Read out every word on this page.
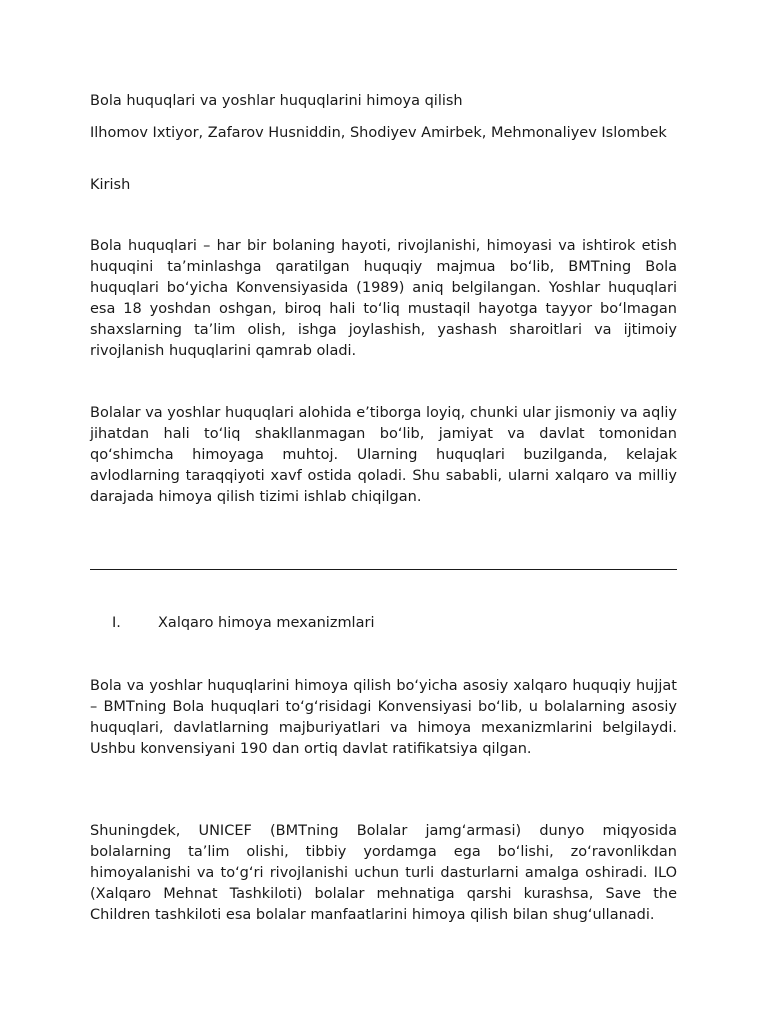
Bola huquqlari va yoshlar huquqlarini himoya qilish

Ilhomov Ixtiyor, Zafarov Husniddin, Shodiyev Amirbek, Mehmonaliyev Islombek

Kirish

Bola huquqlari – har bir bolaning hayoti, rivojlanishi, himoyasi va ishtirok etish huquqini ta’minlashga qaratilgan huquqiy majmua bo‘lib, BMTning Bola huquqlari bo‘yicha Konvensiyasida (1989) aniq belgilangan. Yoshlar huquqlari esa 18 yoshdan oshgan, biroq hali to‘liq mustaqil hayotga tayyor bo‘lmagan shaxslarning ta’lim olish, ishga joylashish, yashash sharoitlari va ijtimoiy rivojlanish huquqlarini qamrab oladi.

Bolalar va yoshlar huquqlari alohida e’tiborga loyiq, chunki ular jismoniy va aqliy jihatdan hali to‘liq shakllanmagan bo‘lib, jamiyat va davlat tomonidan qo‘shimcha himoyaga muhtoj. Ularning huquqlari buzilganda, kelajak avlodlarning taraqqiyoti xavf ostida qoladi. Shu sababli, ularni xalqaro va milliy darajada himoya qilish tizimi ishlab chiqilgan.

I.	Xalqaro himoya mexanizmlari

Bola va yoshlar huquqlarini himoya qilish bo‘yicha asosiy xalqaro huquqiy hujjat – BMTning Bola huquqlari to‘g‘risidagi Konvensiyasi bo‘lib, u bolalarning asosiy huquqlari, davlatlarning majburiyatlari va himoya mexanizmlarini belgilaydi. Ushbu konvensiyani 190 dan ortiq davlat ratifikatsiya qilgan.

Shuningdek, UNICEF (BMTning Bolalar jamg‘armasi) dunyo miqyosida bolalarning ta’lim olishi, tibbiy yordamga ega bo‘lishi, zo‘ravonlikdan himoyalanishi va to‘g‘ri rivojlanishi uchun turli dasturlarni amalga oshiradi. ILO (Xalqaro Mehnat Tashkiloti) bolalar mehnatiga qarshi kurashsa, Save the Children tashkiloti esa bolalar manfaatlarini himoya qilish bilan shug‘ullanadi.
